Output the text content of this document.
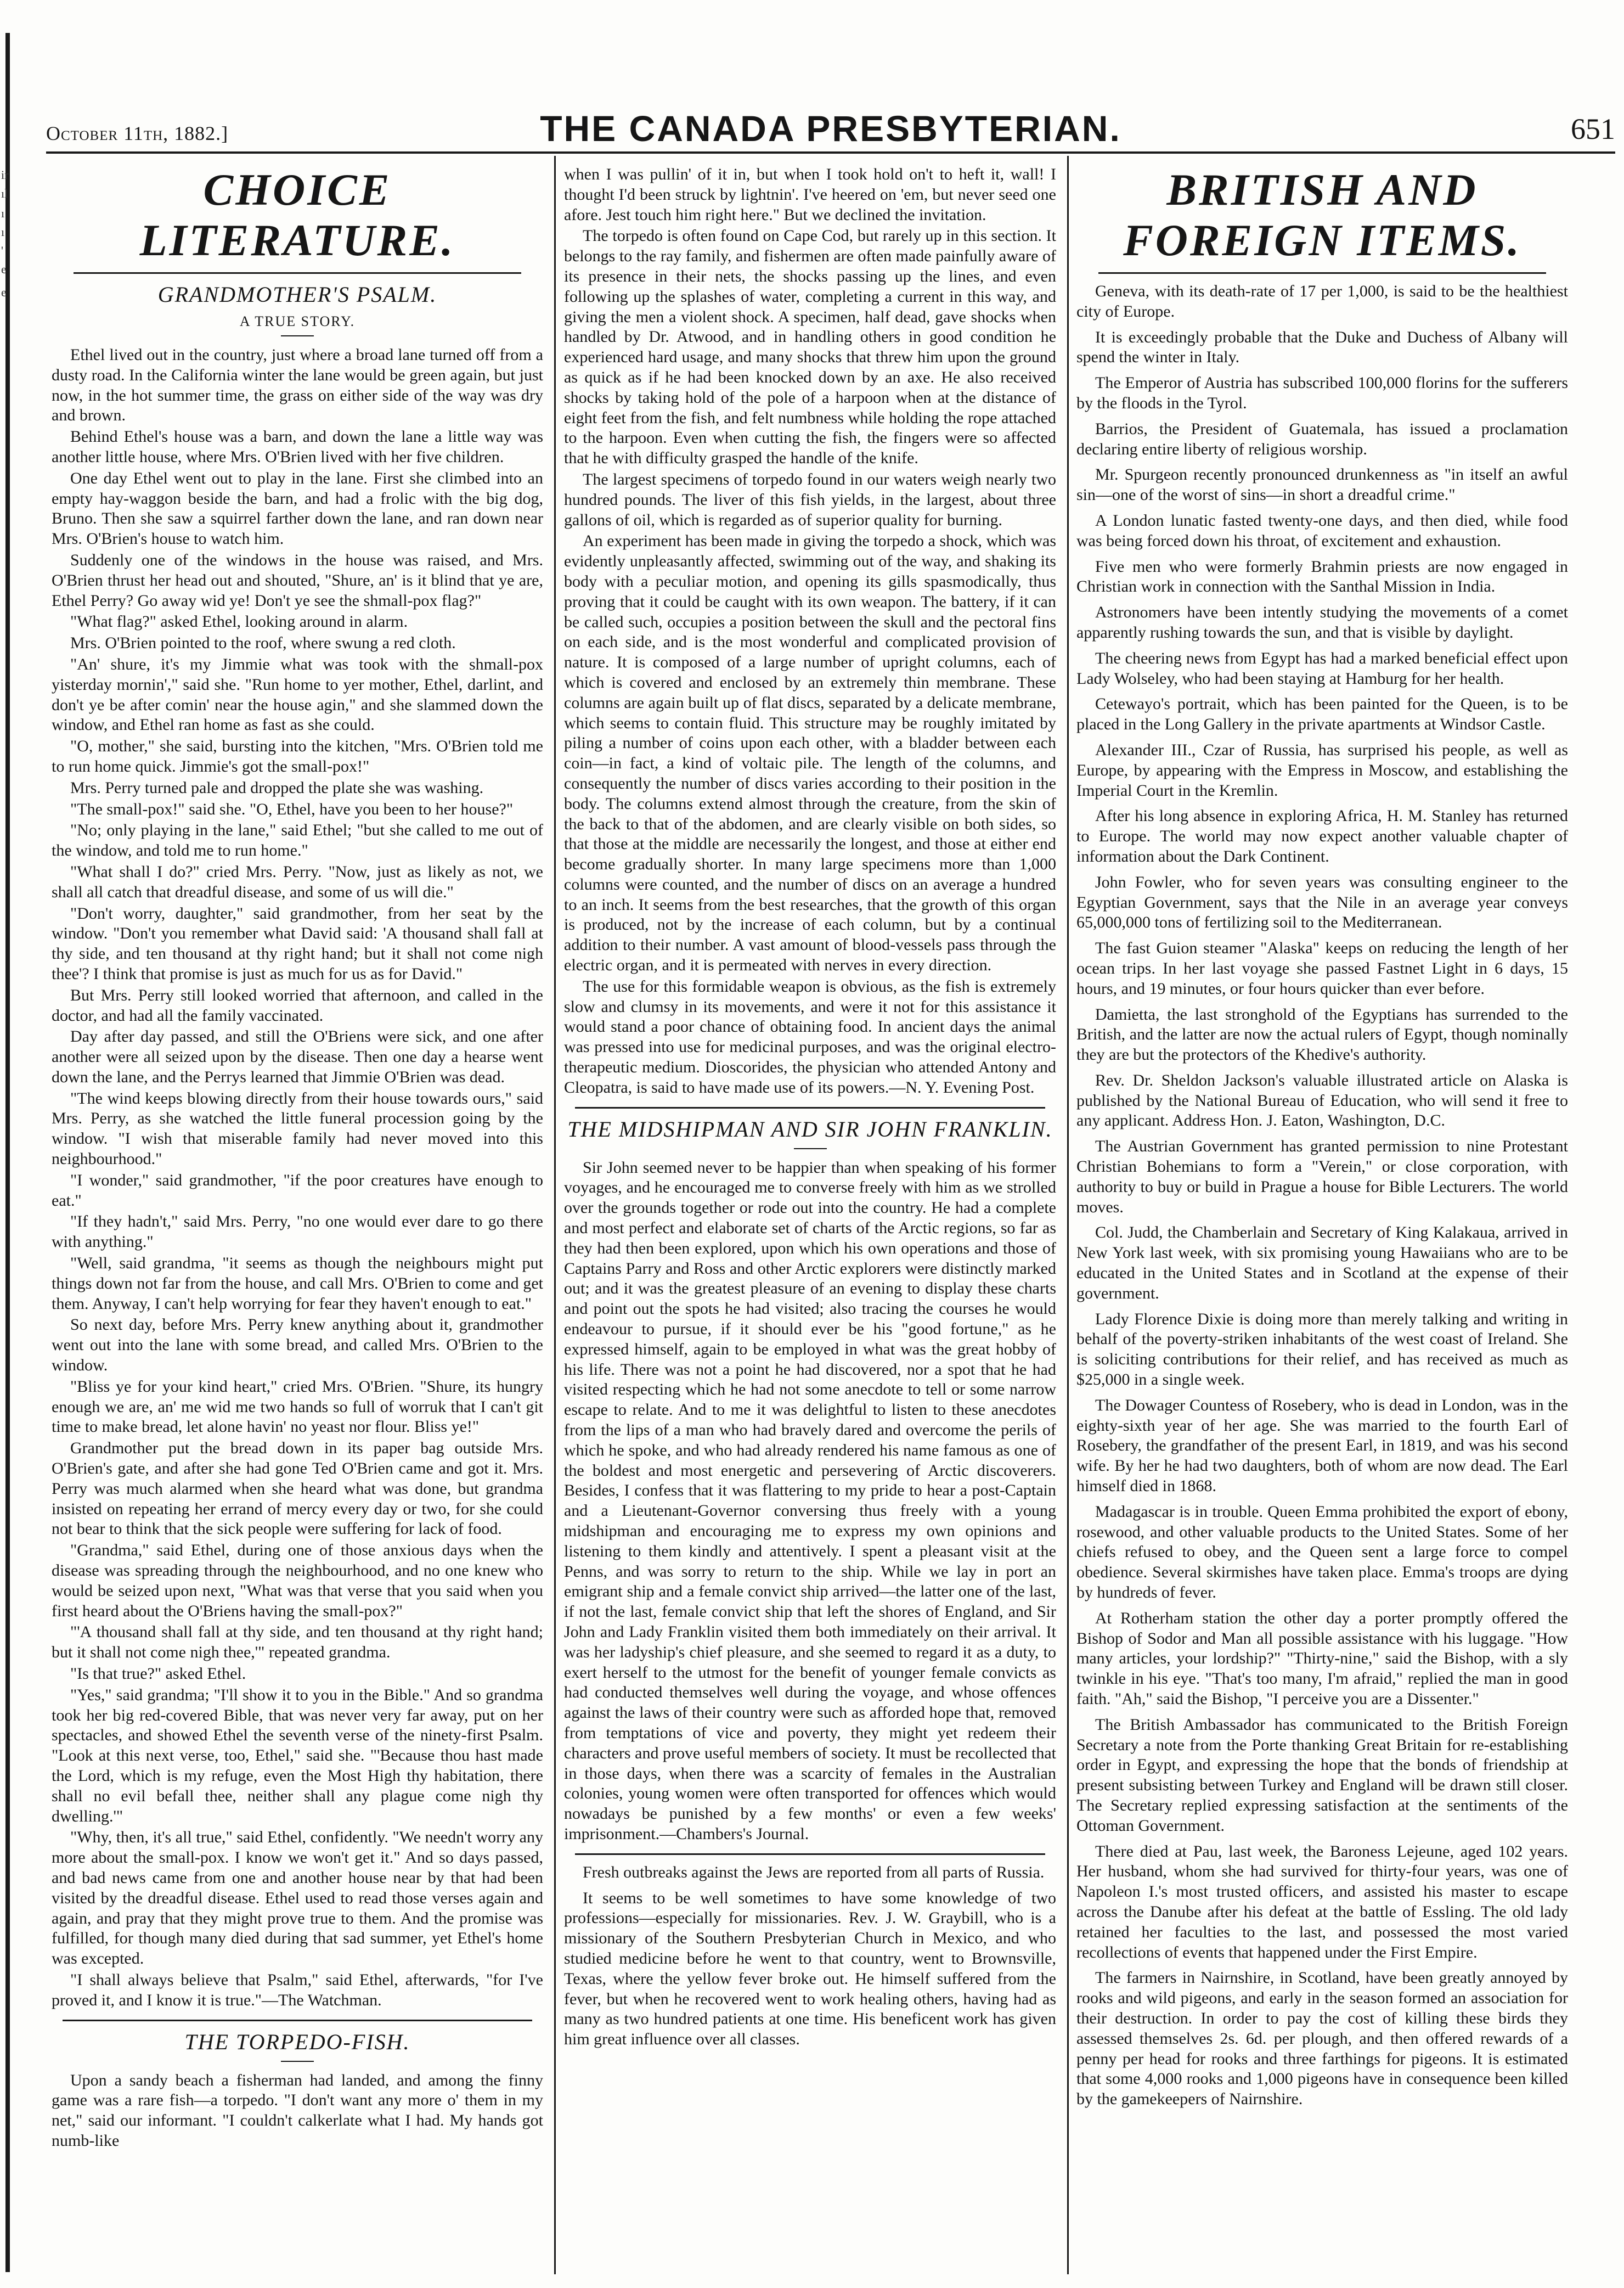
ir
ıl
ı
ı
'
e
e
October 11th, 1882.]	THE CANADA PRESBYTERIAN.	651
CHOICE LITERATURE.
GRANDMOTHER'S PSALM.
A TRUE STORY.

Ethel lived out in the country, just where a broad lane turned off from a dusty road. In the California winter the lane would be green again, but just now, in the hot summer time, the grass on either side of the way was dry and brown.

Behind Ethel's house was a barn, and down the lane a little way was another little house, where Mrs. O'Brien lived with her five children.

One day Ethel went out to play in the lane. First she climbed into an empty hay-waggon beside the barn, and had a frolic with the big dog, Bruno. Then she saw a squirrel farther down the lane, and ran down near Mrs. O'Brien's house to watch him.

Suddenly one of the windows in the house was raised, and Mrs. O'Brien thrust her head out and shouted, "Shure, an' is it blind that ye are, Ethel Perry? Go away wid ye! Don't ye see the shmall-pox flag?"

"What flag?" asked Ethel, looking around in alarm.

Mrs. O'Brien pointed to the roof, where swung a red cloth.

"An' shure, it's my Jimmie what was took with the shmall-pox yisterday mornin'," said she. "Run home to yer mother, Ethel, darlint, and don't ye be after comin' near the house agin," and she slammed down the window, and Ethel ran home as fast as she could.

"O, mother," she said, bursting into the kitchen, "Mrs. O'Brien told me to run home quick. Jimmie's got the small-pox!"

Mrs. Perry turned pale and dropped the plate she was washing.

"The small-pox!" said she. "O, Ethel, have you been to her house?"

"No; only playing in the lane," said Ethel; "but she called to me out of the window, and told me to run home."

"What shall I do?" cried Mrs. Perry. "Now, just as likely as not, we shall all catch that dreadful disease, and some of us will die."

"Don't worry, daughter," said grandmother, from her seat by the window. "Don't you remember what David said: 'A thousand shall fall at thy side, and ten thousand at thy right hand; but it shall not come nigh thee'? I think that promise is just as much for us as for David."

But Mrs. Perry still looked worried that afternoon, and called in the doctor, and had all the family vaccinated.

Day after day passed, and still the O'Briens were sick, and one after another were all seized upon by the disease. Then one day a hearse went down the lane, and the Perrys learned that Jimmie O'Brien was dead.

"The wind keeps blowing directly from their house towards ours," said Mrs. Perry, as she watched the little funeral procession going by the window. "I wish that miserable family had never moved into this neighbourhood."

"I wonder," said grandmother, "if the poor creatures have enough to eat."

"If they hadn't," said Mrs. Perry, "no one would ever dare to go there with anything."

"Well, said grandma, "it seems as though the neighbours might put things down not far from the house, and call Mrs. O'Brien to come and get them. Anyway, I can't help worrying for fear they haven't enough to eat."

So next day, before Mrs. Perry knew anything about it, grandmother went out into the lane with some bread, and called Mrs. O'Brien to the window.

"Bliss ye for your kind heart," cried Mrs. O'Brien. "Shure, its hungry enough we are, an' me wid me two hands so full of worruk that I can't git time to make bread, let alone havin' no yeast nor flour. Bliss ye!"

Grandmother put the bread down in its paper bag outside Mrs. O'Brien's gate, and after she had gone Ted O'Brien came and got it. Mrs. Perry was much alarmed when she heard what was done, but grandma insisted on repeating her errand of mercy every day or two, for she could not bear to think that the sick people were suffering for lack of food.

"Grandma," said Ethel, during one of those anxious days when the disease was spreading through the neighbourhood, and no one knew who would be seized upon next, "What was that verse that you said when you first heard about the O'Briens having the small-pox?"

"'A thousand shall fall at thy side, and ten thousand at thy right hand; but it shall not come nigh thee,'" repeated grandma.

"Is that true?" asked Ethel.

"Yes," said grandma; "I'll show it to you in the Bible." And so grandma took her big red-covered Bible, that was never very far away, put on her spectacles, and showed Ethel the seventh verse of the ninety-first Psalm. "Look at this next verse, too, Ethel," said she. "'Because thou hast made the Lord, which is my refuge, even the Most High thy habitation, there shall no evil befall thee, neither shall any plague come nigh thy dwelling.'"

"Why, then, it's all true," said Ethel, confidently. "We needn't worry any more about the small-pox. I know we won't get it." And so days passed, and bad news came from one and another house near by that had been visited by the dreadful disease. Ethel used to read those verses again and again, and pray that they might prove true to them. And the promise was fulfilled, for though many died during that sad summer, yet Ethel's home was excepted.

"I shall always believe that Psalm," said Ethel, afterwards, "for I've proved it, and I know it is true."—The Watchman.

THE TORPEDO-FISH.

Upon a sandy beach a fisherman had landed, and among the finny game was a rare fish—a torpedo. "I don't want any more o' them in my net," said our informant. "I couldn't calkerlate what I had. My hands got numb-like

when I was pullin' of it in, but when I took hold on't to heft it, wall! I thought I'd been struck by lightnin'. I've heered on 'em, but never seed one afore. Jest touch him right here." But we declined the invitation.

The torpedo is often found on Cape Cod, but rarely up in this section. It belongs to the ray family, and fishermen are often made painfully aware of its presence in their nets, the shocks passing up the lines, and even following up the splashes of water, completing a current in this way, and giving the men a violent shock. A specimen, half dead, gave shocks when handled by Dr. Atwood, and in handling others in good condition he experienced hard usage, and many shocks that threw him upon the ground as quick as if he had been knocked down by an axe. He also received shocks by taking hold of the pole of a harpoon when at the distance of eight feet from the fish, and felt numbness while holding the rope attached to the harpoon. Even when cutting the fish, the fingers were so affected that he with difficulty grasped the handle of the knife.

The largest specimens of torpedo found in our waters weigh nearly two hundred pounds. The liver of this fish yields, in the largest, about three gallons of oil, which is regarded as of superior quality for burning.

An experiment has been made in giving the torpedo a shock, which was evidently unpleasantly affected, swimming out of the way, and shaking its body with a peculiar motion, and opening its gills spasmodically, thus proving that it could be caught with its own weapon. The battery, if it can be called such, occupies a position between the skull and the pectoral fins on each side, and is the most wonderful and complicated provision of nature. It is composed of a large number of upright columns, each of which is covered and enclosed by an extremely thin membrane. These columns are again built up of flat discs, separated by a delicate membrane, which seems to contain fluid. This structure may be roughly imitated by piling a number of coins upon each other, with a bladder between each coin—in fact, a kind of voltaic pile. The length of the columns, and consequently the number of discs varies according to their position in the body. The columns extend almost through the creature, from the skin of the back to that of the abdomen, and are clearly visible on both sides, so that those at the middle are necessarily the longest, and those at either end become gradually shorter. In many large specimens more than 1,000 columns were counted, and the number of discs on an average a hundred to an inch. It seems from the best researches, that the growth of this organ is produced, not by the increase of each column, but by a continual addition to their number. A vast amount of blood-vessels pass through the electric organ, and it is permeated with nerves in every direction.

The use for this formidable weapon is obvious, as the fish is extremely slow and clumsy in its movements, and were it not for this assistance it would stand a poor chance of obtaining food. In ancient days the animal was pressed into use for medicinal purposes, and was the original electro-therapeutic medium. Dioscorides, the physician who attended Antony and Cleopatra, is said to have made use of its powers.—N. Y. Evening Post.

THE MIDSHIPMAN AND SIR JOHN FRANKLIN.

Sir John seemed never to be happier than when speaking of his former voyages, and he encouraged me to converse freely with him as we strolled over the grounds together or rode out into the country. He had a complete and most perfect and elaborate set of charts of the Arctic regions, so far as they had then been explored, upon which his own operations and those of Captains Parry and Ross and other Arctic explorers were distinctly marked out; and it was the greatest pleasure of an evening to display these charts and point out the spots he had visited; also tracing the courses he would endeavour to pursue, if it should ever be his "good fortune," as he expressed himself, again to be employed in what was the great hobby of his life. There was not a point he had discovered, nor a spot that he had visited respecting which he had not some anecdote to tell or some narrow escape to relate. And to me it was delightful to listen to these anecdotes from the lips of a man who had bravely dared and overcome the perils of which he spoke, and who had already rendered his name famous as one of the boldest and most energetic and persevering of Arctic discoverers. Besides, I confess that it was flattering to my pride to hear a post-Captain and a Lieutenant-Governor conversing thus freely with a young midshipman and encouraging me to express my own opinions and listening to them kindly and attentively. I spent a pleasant visit at the Penns, and was sorry to return to the ship. While we lay in port an emigrant ship and a female convict ship arrived—the latter one of the last, if not the last, female convict ship that left the shores of England, and Sir John and Lady Franklin visited them both immediately on their arrival. It was her ladyship's chief pleasure, and she seemed to regard it as a duty, to exert herself to the utmost for the benefit of younger female convicts as had conducted themselves well during the voyage, and whose offences against the laws of their country were such as afforded hope that, removed from temptations of vice and poverty, they might yet redeem their characters and prove useful members of society. It must be recollected that in those days, when there was a scarcity of females in the Australian colonies, young women were often transported for offences which would nowadays be punished by a few months' or even a few weeks' imprisonment.—Chambers's Journal.

Fresh outbreaks against the Jews are reported from all parts of Russia.

It seems to be well sometimes to have some knowledge of two professions—especially for missionaries. Rev. J. W. Graybill, who is a missionary of the Southern Presbyterian Church in Mexico, and who studied medicine before he went to that country, went to Brownsville, Texas, where the yellow fever broke out. He himself suffered from the fever, but when he recovered went to work healing others, having had as many as two hundred patients at one time. His beneficent work has given him great influence over all classes.

BRITISH AND FOREIGN ITEMS.

Geneva, with its death-rate of 17 per 1,000, is said to be the healthiest city of Europe.

It is exceedingly probable that the Duke and Duchess of Albany will spend the winter in Italy.

The Emperor of Austria has subscribed 100,000 florins for the sufferers by the floods in the Tyrol.

Barrios, the President of Guatemala, has issued a proclamation declaring entire liberty of religious worship.

Mr. Spurgeon recently pronounced drunkenness as "in itself an awful sin—one of the worst of sins—in short a dreadful crime."

A London lunatic fasted twenty-one days, and then died, while food was being forced down his throat, of excitement and exhaustion.

Five men who were formerly Brahmin priests are now engaged in Christian work in connection with the Santhal Mission in India.

Astronomers have been intently studying the movements of a comet apparently rushing towards the sun, and that is visible by daylight.

The cheering news from Egypt has had a marked beneficial effect upon Lady Wolseley, who had been staying at Hamburg for her health.

Cetewayo's portrait, which has been painted for the Queen, is to be placed in the Long Gallery in the private apartments at Windsor Castle.

Alexander III., Czar of Russia, has surprised his people, as well as Europe, by appearing with the Empress in Moscow, and establishing the Imperial Court in the Kremlin.

After his long absence in exploring Africa, H. M. Stanley has returned to Europe. The world may now expect another valuable chapter of information about the Dark Continent.

John Fowler, who for seven years was consulting engineer to the Egyptian Government, says that the Nile in an average year conveys 65,000,000 tons of fertilizing soil to the Mediterranean.

The fast Guion steamer "Alaska" keeps on reducing the length of her ocean trips. In her last voyage she passed Fastnet Light in 6 days, 15 hours, and 19 minutes, or four hours quicker than ever before.

Damietta, the last stronghold of the Egyptians has surrended to the British, and the latter are now the actual rulers of Egypt, though nominally they are but the protectors of the Khedive's authority.

Rev. Dr. Sheldon Jackson's valuable illustrated article on Alaska is published by the National Bureau of Education, who will send it free to any applicant. Address Hon. J. Eaton, Washington, D.C.

The Austrian Government has granted permission to nine Protestant Christian Bohemians to form a "Verein," or close corporation, with authority to buy or build in Prague a house for Bible Lecturers. The world moves.

Col. Judd, the Chamberlain and Secretary of King Kalakaua, arrived in New York last week, with six promising young Hawaiians who are to be educated in the United States and in Scotland at the expense of their government.

Lady Florence Dixie is doing more than merely talking and writing in behalf of the poverty-striken inhabitants of the west coast of Ireland. She is soliciting contributions for their relief, and has received as much as $25,000 in a single week.

The Dowager Countess of Rosebery, who is dead in London, was in the eighty-sixth year of her age. She was married to the fourth Earl of Rosebery, the grandfather of the present Earl, in 1819, and was his second wife. By her he had two daughters, both of whom are now dead. The Earl himself died in 1868.

Madagascar is in trouble. Queen Emma prohibited the export of ebony, rosewood, and other valuable products to the United States. Some of her chiefs refused to obey, and the Queen sent a large force to compel obedience. Several skirmishes have taken place. Emma's troops are dying by hundreds of fever.

At Rotherham station the other day a porter promptly offered the Bishop of Sodor and Man all possible assistance with his luggage. "How many articles, your lordship?" "Thirty-nine," said the Bishop, with a sly twinkle in his eye. "That's too many, I'm afraid," replied the man in good faith. "Ah," said the Bishop, "I perceive you are a Dissenter."

The British Ambassador has communicated to the British Foreign Secretary a note from the Porte thanking Great Britain for re-establishing order in Egypt, and expressing the hope that the bonds of friendship at present subsisting between Turkey and England will be drawn still closer. The Secretary replied expressing satisfaction at the sentiments of the Ottoman Government.

There died at Pau, last week, the Baroness Lejeune, aged 102 years. Her husband, whom she had survived for thirty-four years, was one of Napoleon I.'s most trusted officers, and assisted his master to escape across the Danube after his defeat at the battle of Essling. The old lady retained her faculties to the last, and possessed the most varied recollections of events that happened under the First Empire.

The farmers in Nairnshire, in Scotland, have been greatly annoyed by rooks and wild pigeons, and early in the season formed an association for their destruction. In order to pay the cost of killing these birds they assessed themselves 2s. 6d. per plough, and then offered rewards of a penny per head for rooks and three farthings for pigeons. It is estimated that some 4,000 rooks and 1,000 pigeons have in consequence been killed by the gamekeepers of Nairnshire.
